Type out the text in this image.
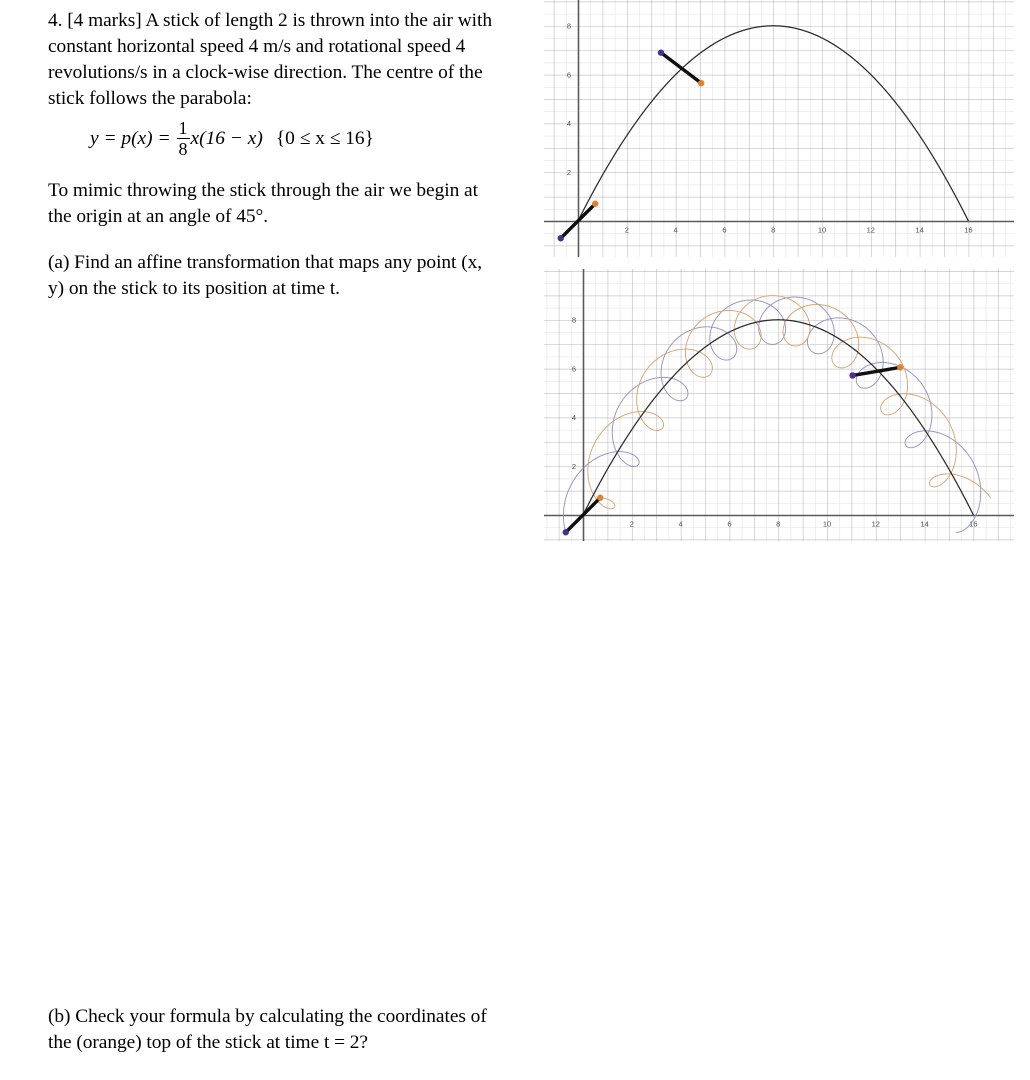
4. [4 marks] A stick of length 2 is thrown into the air with constant horizontal speed 4 m/s and rotational speed 4 revolutions/s in a clock-wise direction. The centre of the stick follows the parabola:

$y = p(x) = \frac{1}{8} x(16 - x) \{0 \le x \le 16\}$

To mimic throwing the stick through the air we begin at the origin at an angle of 45°.

(a) Find an affine transformation that maps any point (x, y) on the stick to its position at time t.

(b) Check your formula by calculating the coordinates of the (orange) top of the stick at time t = 2?

2	4	6	8	10	12	14	16
2
4
6
8
2	4	6	8	10	12	14	16
2
4
6
8
